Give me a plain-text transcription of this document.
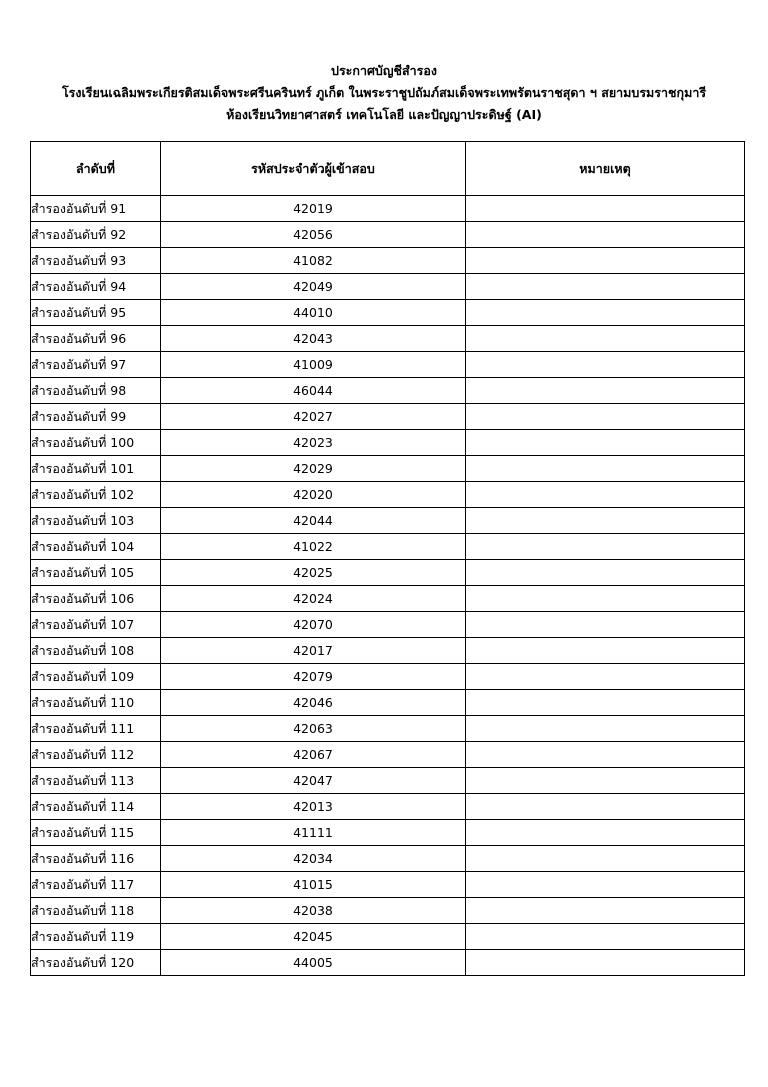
ประกาศบัญชีสำรอง
โรงเรียนเฉลิมพระเกียรติสมเด็จพระศรีนครินทร์ ภูเก็ต ในพระราชูปถัมภ์สมเด็จพระเทพรัตนราชสุดา ฯ สยามบรมราชกุมารี
ห้องเรียนวิทยาศาสตร์ เทคโนโลยี และปัญญาประดิษฐ์ (AI)
ลำดับที่	รหัสประจำตัวผู้เข้าสอบ	หมายเหตุ
สำรองอันดับที่ 91	42019	
สำรองอันดับที่ 92	42056	
สำรองอันดับที่ 93	41082	
สำรองอันดับที่ 94	42049	
สำรองอันดับที่ 95	44010	
สำรองอันดับที่ 96	42043	
สำรองอันดับที่ 97	41009	
สำรองอันดับที่ 98	46044	
สำรองอันดับที่ 99	42027	
สำรองอันดับที่ 100	42023	
สำรองอันดับที่ 101	42029	
สำรองอันดับที่ 102	42020	
สำรองอันดับที่ 103	42044	
สำรองอันดับที่ 104	41022	
สำรองอันดับที่ 105	42025	
สำรองอันดับที่ 106	42024	
สำรองอันดับที่ 107	42070	
สำรองอันดับที่ 108	42017	
สำรองอันดับที่ 109	42079	
สำรองอันดับที่ 110	42046	
สำรองอันดับที่ 111	42063	
สำรองอันดับที่ 112	42067	
สำรองอันดับที่ 113	42047	
สำรองอันดับที่ 114	42013	
สำรองอันดับที่ 115	41111	
สำรองอันดับที่ 116	42034	
สำรองอันดับที่ 117	41015	
สำรองอันดับที่ 118	42038	
สำรองอันดับที่ 119	42045	
สำรองอันดับที่ 120	44005	
